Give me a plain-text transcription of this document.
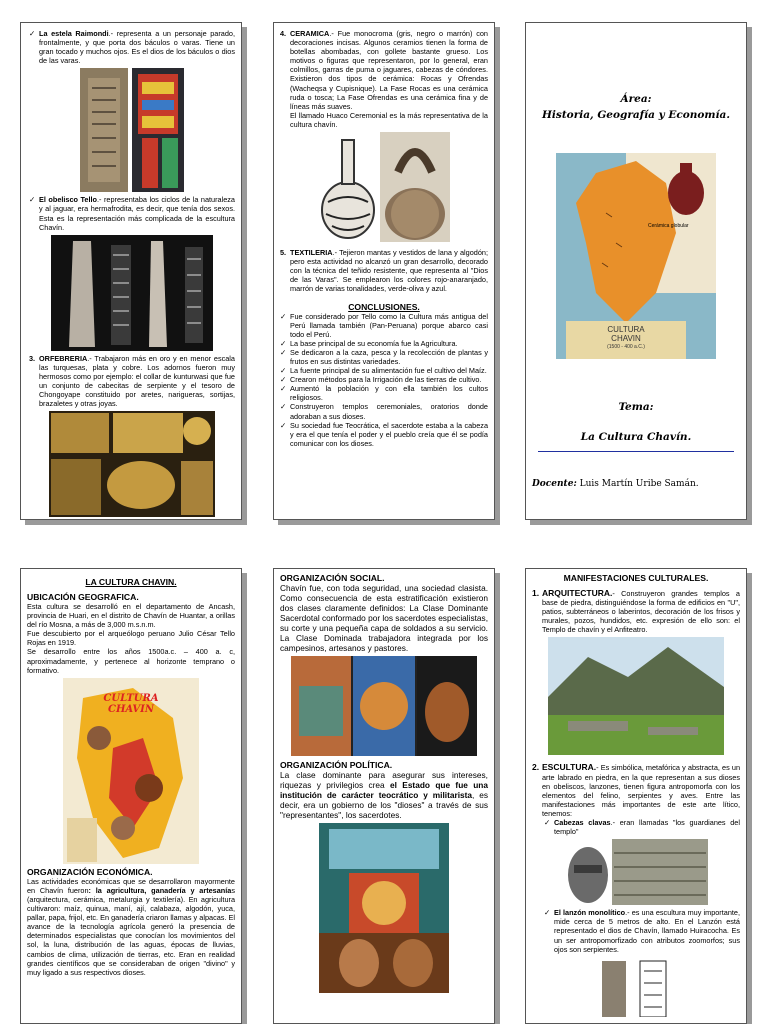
✓ La estela Raimondi.- representa a un personaje parado, frontalmente, y que porta dos báculos o varas. Tiene un gran tocado y muchos ojos. Es el dios de los báculos o dios de las varas.
✓ El obelisco Tello.- representaba los ciclos de la naturaleza y al jaguar, era hermafrodita, es decir, que tenía dos sexos. Esta es la representación más complicada de la escultura Chavín.
3. ORFEBRERIA.- Trabajaron más en oro y en menor escala las turquesas, plata y cobre. Los adornos fueron muy hermosos como por ejemplo: el collar de kunturwasi que fue un conjunto de cabecitas de serpiente y el tesoro de Chongoyape constituido por aretes, narigueras, sortijas, brazaletes y otras joyas.
4. CERAMICA.- Fue monocroma (gris, negro o marrón) con decoraciones incisas. Algunos ceramios tienen la forma de botellas abombadas, con gollete bastante grueso. Los motivos o figuras que representaron, por lo general, eran colmillos, garras de puma o jaguares, cabezas de cóndores. Existieron dos tipos de cerámica: Rocas y Ofrendas (Wacheqsa y Cupisnique). La Fase Rocas es una cerámica ruda o tosca; La Fase Ofrendas es una cerámica fina y de líneas más suaves.
El llamado Huaco Ceremonial es la más representativa de la cultura chavín.
5. TEXTILERIA.- Tejieron mantas y vestidos de lana y algodón; pero esta actividad no alcanzó un gran desarrollo, decorado con la técnica del teñido resistente, que representa al "Dios de las Varas". Se emplearon los colores rojo-anaranjado, marrón de varias tonalidades, verde-oliva y azul.

CONCLUSIONES.

✓ Fue considerado por Tello como la Cultura más antigua del Perú llamada también (Pan-Peruana) porque abarco casi todo el Perú.
✓ La base principal de su economía fue la Agricultura.
✓ Se dedicaron a la caza, pesca y la recolección de plantas y frutos en sus distintas variedades.
✓ La fuente principal de su alimentación fue el cultivo del Maíz.
✓ Crearon métodos para la Irrigación de las tierras de cultivo.
✓ Aumentó la población y con ella también los cultos religiosos.
✓ Construyeron templos ceremoniales, oratorios donde adoraban a sus dioses.
✓ Su sociedad fue Teocrática, el sacerdote estaba a la cabeza y era el que tenía el poder y el pueblo creía que él se podía comunicar con los dioses.
Área:
Historia, Geografía y Economía.
Cerámica globular
CULTURA
CHAVIN
(1500 - 400 a.C.)
Tema:
La Cultura Chavín.
Docente: Luis Martín Uribe Samán.

LA CULTURA CHAVIN.

UBICACIÓN GEOGRAFICA.

Esta cultura se desarrolló en el departamento de Ancash, provincia de Huari, en el distrito de Chavín de Huantar, a orillas del río Mosna, a más de 3,000 m.s.n.m.

Fue descubierto por el arqueólogo peruano Julio César Tello Rojas en 1919.

Se desarrollo entre los años 1500a.c. – 400 a. c, aproximadamente, y pertenece al horizonte temprano o formativo.

CULTURA CHAVIN

ORGANIZACIÓN ECONÓMICA.

Las actividades económicas que se desarrollaron mayormente en Chavín fueron: la agricultura, ganadería y artesanías (arquitectura, cerámica, metalurgia y textilería). En agricultura cultivaron: maíz, quinua, maní, ají, calabaza, algodón, yuca, pallar, papa, frijol, etc. En ganadería criaron llamas y alpacas. El avance de la tecnología agrícola generó la presencia de determinados especialistas que conocían los movimientos del sol, la luna, distribución de las aguas, épocas de lluvias, cambios de clima, utilización de tierras, etc. Eran en realidad grandes científicos que se consideraban de origen "divino" y muy ligado a sus respectivos dioses.

ORGANIZACIÓN SOCIAL.

Chavín fue, con toda seguridad, una sociedad clasista. Como consecuencia de esta estratificación existieron dos clases claramente definidos: La Clase Dominante Sacerdotal conformado por los sacerdotes especialistas, su corte y una pequeña capa de soldados a su servicio. La Clase Dominada trabajadora integrada por los campesinos, artesanos y pastores.

ORGANIZACIÓN POLÍTICA.

La clase dominante para asegurar sus intereses, riquezas y privilegios crea el Estado que fue una institución de carácter teocrático y militarista, es decir, era un gobierno de los "dioses" a través de sus "representantes", los sacerdotes.

MANIFESTACIONES CULTURALES.

1. ARQUITECTURA.- Construyeron grandes templos a base de piedra, distinguiéndose la forma de edificios en "U", patios, subterráneos o laberintos, decoración de los frisos y murales, pozos, hundidos, etc. expresión de ello son: el Templo de chavín y el Anfiteatro.
2. ESCULTURA.- Es simbólica, metafórica y abstracta, es un arte labrado en piedra, en la que representan a sus dioses en obeliscos, lanzones, tienen figura antropomorfa con los elementos del felino, serpientes y aves. Entre las manifestaciones más importantes de este arte lítico, tenemos:
✓ Cabezas clavas.- eran llamadas "los guardianes del templo"
✓ El lanzón monolítico.- es una escultura muy importante, mide cerca de 5 metros de alto. En el Lanzón está representado el dios de Chavín, llamado Huiracocha. Es un ser antropomorfizado con atributos zoomorfos; sus ojos son serpientes.
